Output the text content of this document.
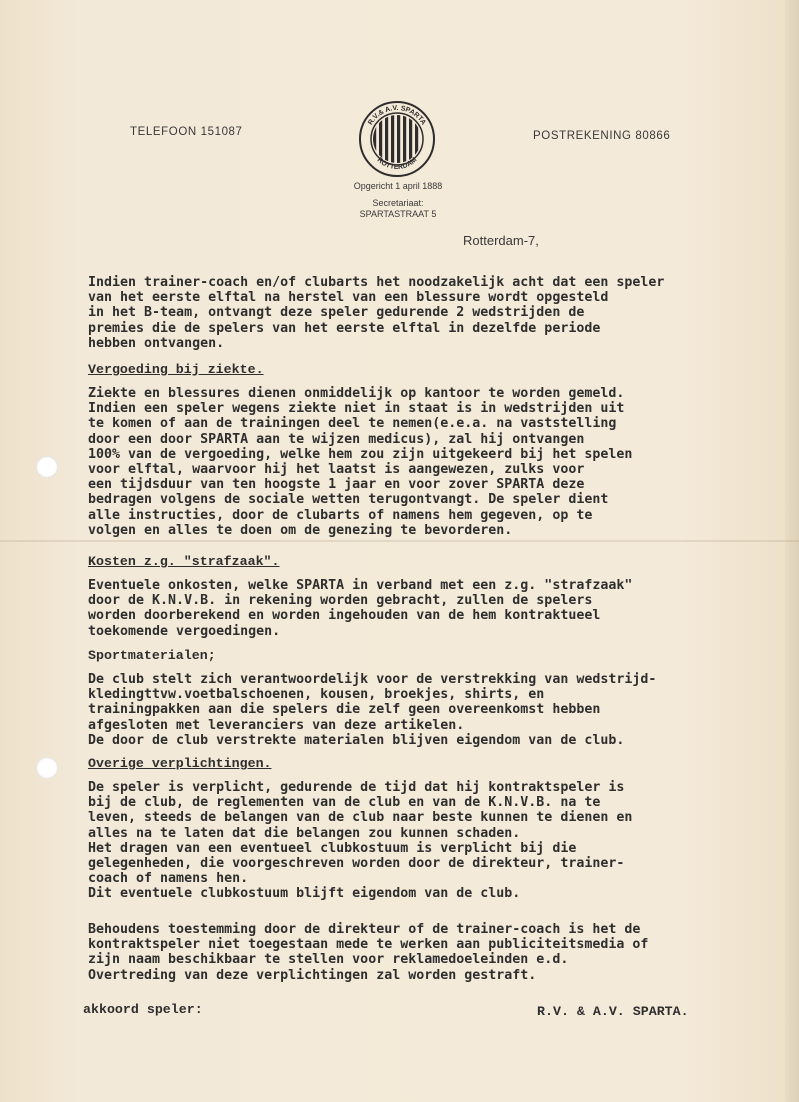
TELEFOON 151087	POSTREKENING 80866
R.V.& A.V. SPARTA
ROTTERDAM
Opgericht 1 april 1888
Secretariaat:
SPARTASTRAAT 5
Rotterdam-7,
Indien trainer-coach en/of clubarts het noodzakelijk acht dat een speler
van het eerste elftal na herstel van een blessure wordt opgesteld
in het B-team, ontvangt deze speler gedurende 2 wedstrijden de
premies die de spelers van het eerste elftal in dezelfde periode
hebben ontvangen.
Vergoeding bij ziekte.
Ziekte en blessures dienen onmiddelijk op kantoor te worden gemeld.
Indien een speler wegens ziekte niet in staat is in wedstrijden uit
te komen of aan de trainingen deel te nemen(e.e.a. na vaststelling
door een door SPARTA aan te wijzen medicus), zal hij ontvangen
100% van de vergoeding, welke hem zou zijn uitgekeerd bij het spelen
voor elftal, waarvoor hij het laatst is aangewezen, zulks voor
een tijdsduur van ten hoogste 1 jaar en voor zover SPARTA deze
bedragen volgens de sociale wetten terugontvangt. De speler dient
alle instructies, door de clubarts of namens hem gegeven, op te
volgen en alles te doen om de genezing te bevorderen.
Kosten z.g. "strafzaak".
Eventuele onkosten, welke SPARTA in verband met een z.g. "strafzaak"
door de K.N.V.B. in rekening worden gebracht, zullen de spelers
worden doorberekend en worden ingehouden van de hem kontraktueel
toekomende vergoedingen.
Sportmaterialen;
De club stelt zich verantwoordelijk voor de verstrekking van wedstrijd-
kledingttvw.voetbalschoenen, kousen, broekjes, shirts, en
trainingpakken aan die spelers die zelf geen overeenkomst hebben
afgesloten met leveranciers van deze artikelen.
De door de club verstrekte materialen blijven eigendom van de club.
Overige verplichtingen.
De speler is verplicht, gedurende de tijd dat hij kontraktspeler is
bij de club, de reglementen van de club en van de K.N.V.B. na te
leven, steeds de belangen van de club naar beste kunnen te dienen en
alles na te laten dat die belangen zou kunnen schaden.
Het dragen van een eventueel clubkostuum is verplicht bij die
gelegenheden, die voorgeschreven worden door de direkteur, trainer-
coach of namens hen.
Dit eventuele clubkostuum blijft eigendom van de club.
Behoudens toestemming door de direkteur of de trainer-coach is het de
kontraktspeler niet toegestaan mede te werken aan publiciteitsmedia of
zijn naam beschikbaar te stellen voor reklamedoeleinden e.d.
Overtreding van deze verplichtingen zal worden gestraft.
akkoord speler:	R.V. & A.V. SPARTA.
